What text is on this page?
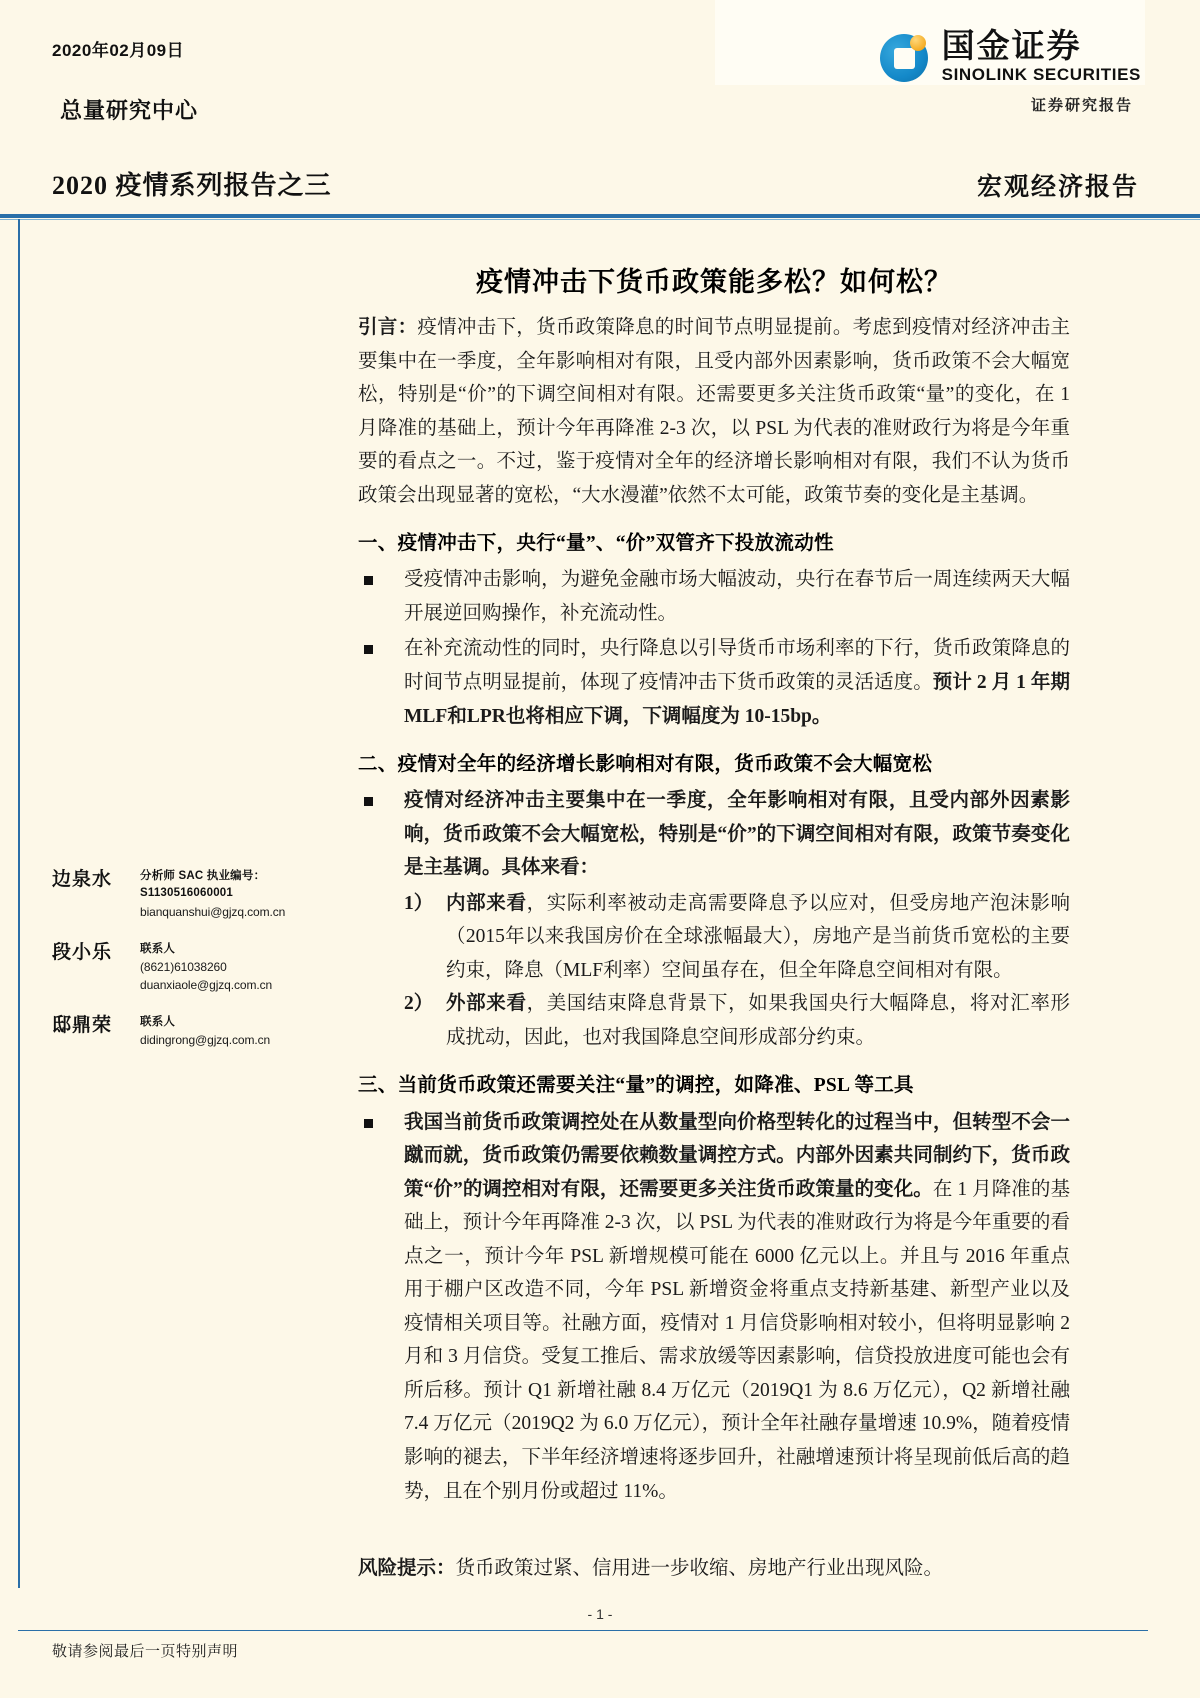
2020年02月09日
总量研究中心
2020 疫情系列报告之三
国金证券
SINOLINK SECURITIES
证券研究报告
宏观经济报告
疫情冲击下货币政策能多松？如何松？

引言：疫情冲击下，货币政策降息的时间节点明显提前。考虑到疫情对经济冲击主要集中在一季度，全年影响相对有限，且受内部外因素影响，货币政策不会大幅宽松，特别是“价”的下调空间相对有限。还需要更多关注货币政策“量”的变化，在 1 月降准的基础上，预计今年再降准 2-3 次，以 PSL 为代表的准财政行为将是今年重要的看点之一。不过，鉴于疫情对全年的经济增长影响相对有限，我们不认为货币政策会出现显著的宽松，“大水漫灌”依然不太可能，政策节奏的变化是主基调。

一、疫情冲击下，央行“量”、“价”双管齐下投放流动性
受疫情冲击影响，为避免金融市场大幅波动，央行在春节后一周连续两天大幅开展逆回购操作，补充流动性。
在补充流动性的同时，央行降息以引导货币市场利率的下行，货币政策降息的时间节点明显提前，体现了疫情冲击下货币政策的灵活适度。预计 2 月 1 年期MLF和LPR也将相应下调，下调幅度为 10-15bp。
二、疫情对全年的经济增长影响相对有限，货币政策不会大幅宽松
疫情对经济冲击主要集中在一季度，全年影响相对有限，且受内部外因素影响，货币政策不会大幅宽松，特别是“价”的下调空间相对有限，政策节奏变化是主基调。具体来看：
1） 内部来看，实际利率被动走高需要降息予以应对，但受房地产泡沫影响（2015年以来我国房价在全球涨幅最大），房地产是当前货币宽松的主要约束，降息（MLF利率）空间虽存在，但全年降息空间相对有限。
2） 外部来看，美国结束降息背景下，如果我国央行大幅降息，将对汇率形成扰动，因此，也对我国降息空间形成部分约束。
三、当前货币政策还需要关注“量”的调控，如降准、PSL 等工具
我国当前货币政策调控处在从数量型向价格型转化的过程当中，但转型不会一蹴而就，货币政策仍需要依赖数量调控方式。内部外因素共同制约下，货币政策“价”的调控相对有限，还需要更多关注货币政策量的变化。在 1 月降准的基础上，预计今年再降准 2-3 次，以 PSL 为代表的准财政行为将是今年重要的看点之一，预计今年 PSL 新增规模可能在 6000 亿元以上。并且与 2016 年重点用于棚户区改造不同，今年 PSL 新增资金将重点支持新基建、新型产业以及疫情相关项目等。社融方面，疫情对 1 月信贷影响相对较小，但将明显影响 2 月和 3 月信贷。受复工推后、需求放缓等因素影响，信贷投放进度可能也会有所后移。预计 Q1 新增社融 8.4 万亿元（2019Q1 为 8.6 万亿元），Q2 新增社融 7.4 万亿元（2019Q2 为 6.0 万亿元），预计全年社融存量增速 10.9%，随着疫情影响的褪去，下半年经济增速将逐步回升，社融增速预计将呈现前低后高的趋势，且在个别月份或超过 11%。

风险提示：货币政策过紧、信用进一步收缩、房地产行业出现风险。

边泉水	分析师 SAC 执业编号：S1130516060001
bianquanshui@gjzq.com.cn
段小乐	联系人
(8621)61038260
duanxiaole@gjzq.com.cn
邸鼎荣	联系人
didingrong@gjzq.com.cn
- 1 -
敬请参阅最后一页特别声明
